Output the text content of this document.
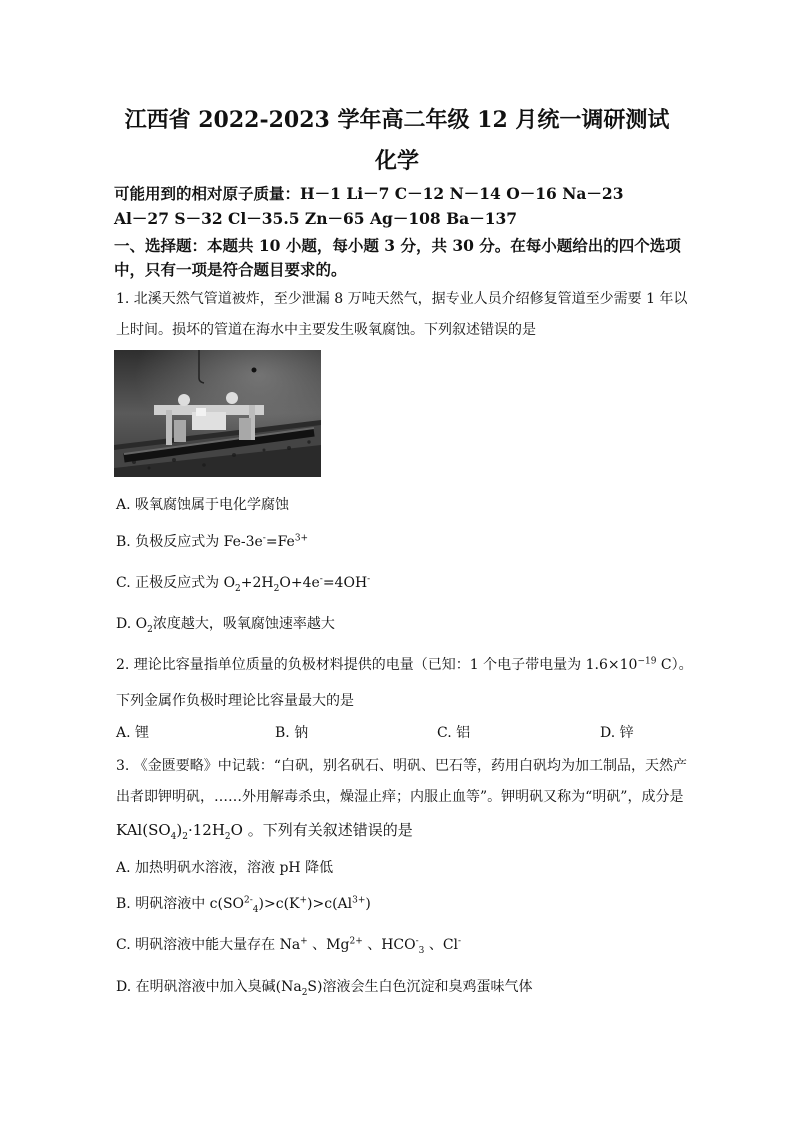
江西省 2022-2023 学年高二年级 12 月统一调研测试
化学
可能用到的相对原子质量：H－1 Li－7 C－12 N－14 O－16 Na－23
Al－27 S－32 Cl－35.5 Zn－65 Ag－108 Ba－137
一、选择题：本题共 10 小题，每小题 3 分，共 30 分。在每小题给出的四个选项
中，只有一项是符合题目要求的。
1. 北溪天然气管道被炸，至少泄漏 8 万吨天然气，据专业人员介绍修复管道至少需要 1 年以
上时间。损坏的管道在海水中主要发生吸氧腐蚀。下列叙述错误的是
A. 吸氧腐蚀属于电化学腐蚀
B. 负极反应式为 $Fe-3e^-=Fe^{3+}$
C. 正极反应式为 $O_2+2H_2O+4e^-=4OH^-$
D. $O_2$浓度越大，吸氧腐蚀速率越大
2. 理论比容量指单位质量的负极材料提供的电量（已知：1 个电子带电量为 $1.6\times 10^{-19}$ C）。
下列金属作负极时理论比容量最大的是
A. 锂	B. 钠	C. 铝	D. 锌
3. 《金匮要略》中记载：“白矾，别名矾石、明矾、巴石等，药用白矾均为加工制品，天然产
出者即钾明矾，……外用解毒杀虫，燥湿止痒；内服止血等”。钾明矾又称为“明矾”，成分是
$KAl(SO_4)_2\cdot 12H_2O$ 。下列有关叙述错误的是
A. 加热明矾水溶液，溶液 pH 降低
B. 明矾溶液中 $c(SO^{2-}_4)>c(K^+)>c(Al^{3+})$
C. 明矾溶液中能大量存在 Na+ 、$Mg^{2+}$ 、$HCO^-_3$ 、Cl-
D. 在明矾溶液中加入臭碱$(Na_2S)$溶液会生白色沉淀和臭鸡蛋味气体
